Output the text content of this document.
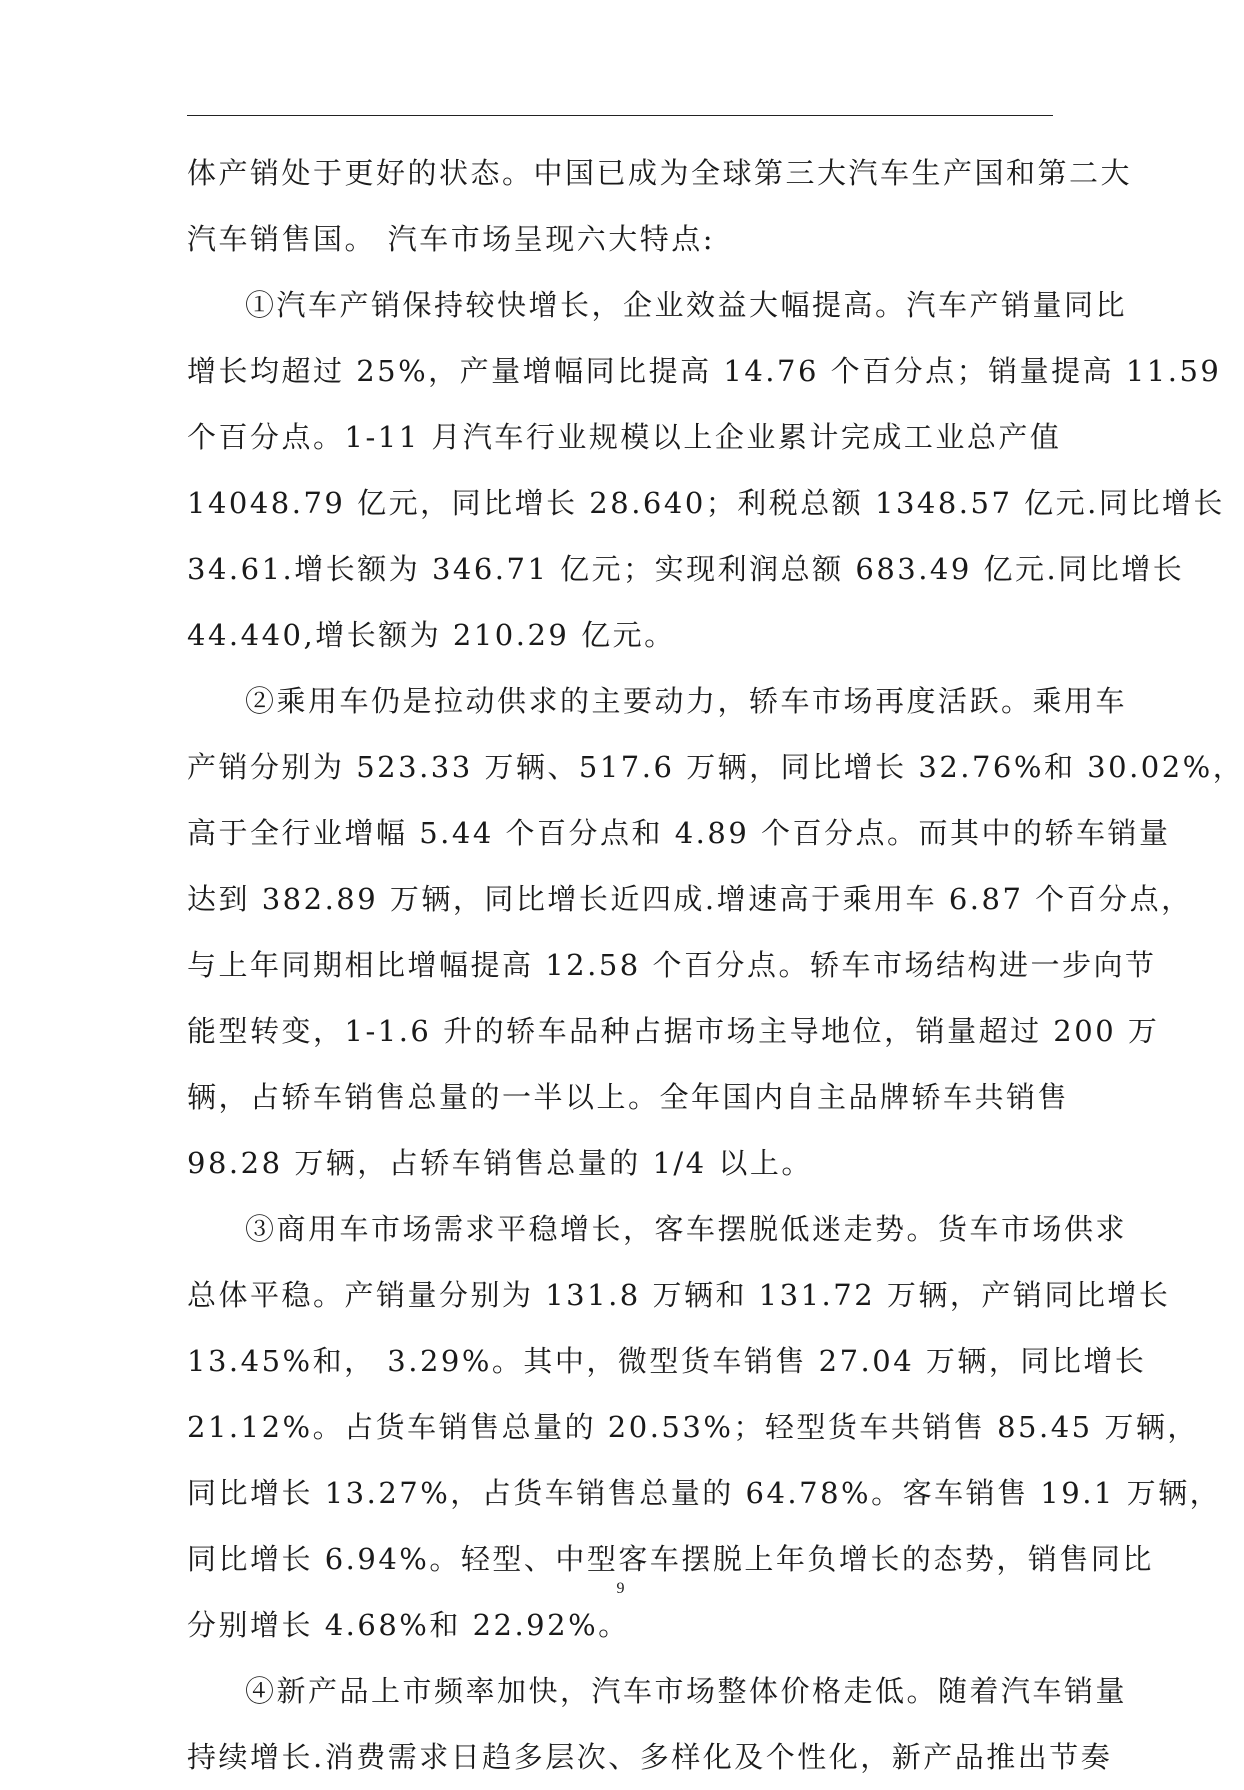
体产销处于更好的状态。中国已成为全球第三大汽车生产国和第二大
汽车销售国。 汽车市场呈现六大特点:
①汽车产销保持较快增长，企业效益大幅提高。汽车产销量同比
增长均超过 25%，产量增幅同比提高 14.76 个百分点；销量提高 11.59
个百分点。1-11 月汽车行业规模以上企业累计完成工业总产值
14048.79 亿元，同比增长 28.640；利税总额 1348.57 亿元.同比增长
34.61.增长额为 346.71 亿元；实现利润总额 683.49 亿元.同比增长
44.440,增长额为 210.29 亿元。
②乘用车仍是拉动供求的主要动力，轿车市场再度活跃。乘用车
产销分别为 523.33 万辆、517.6 万辆，同比增长 32.76%和 30.02%，
高于全行业增幅 5.44 个百分点和 4.89 个百分点。而其中的轿车销量
达到 382.89 万辆，同比增长近四成.增速高于乘用车 6.87 个百分点，
与上年同期相比增幅提高 12.58 个百分点。轿车市场结构进一步向节
能型转变，1-1.6 升的轿车品种占据市场主导地位，销量超过 200 万
辆，占轿车销售总量的一半以上。全年国内自主品牌轿车共销售
98.28 万辆，占轿车销售总量的 1/4 以上。
③商用车市场需求平稳增长，客车摆脱低迷走势。货车市场供求
总体平稳。产销量分别为 131.8 万辆和 131.72 万辆，产销同比增长
13.45%和， 3.29%。其中，微型货车销售 27.04 万辆，同比增长
21.12%。占货车销售总量的 20.53%；轻型货车共销售 85.45 万辆，
同比增长 13.27%，占货车销售总量的 64.78%。客车销售 19.1 万辆，
同比增长 6.94%。轻型、中型客车摆脱上年负增长的态势，销售同比
分别增长 4.68%和 22.92%。
④新产品上市频率加快，汽车市场整体价格走低。随着汽车销量
持续增长.消费需求日趋多层次、多样化及个性化，新产品推出节奏
9
